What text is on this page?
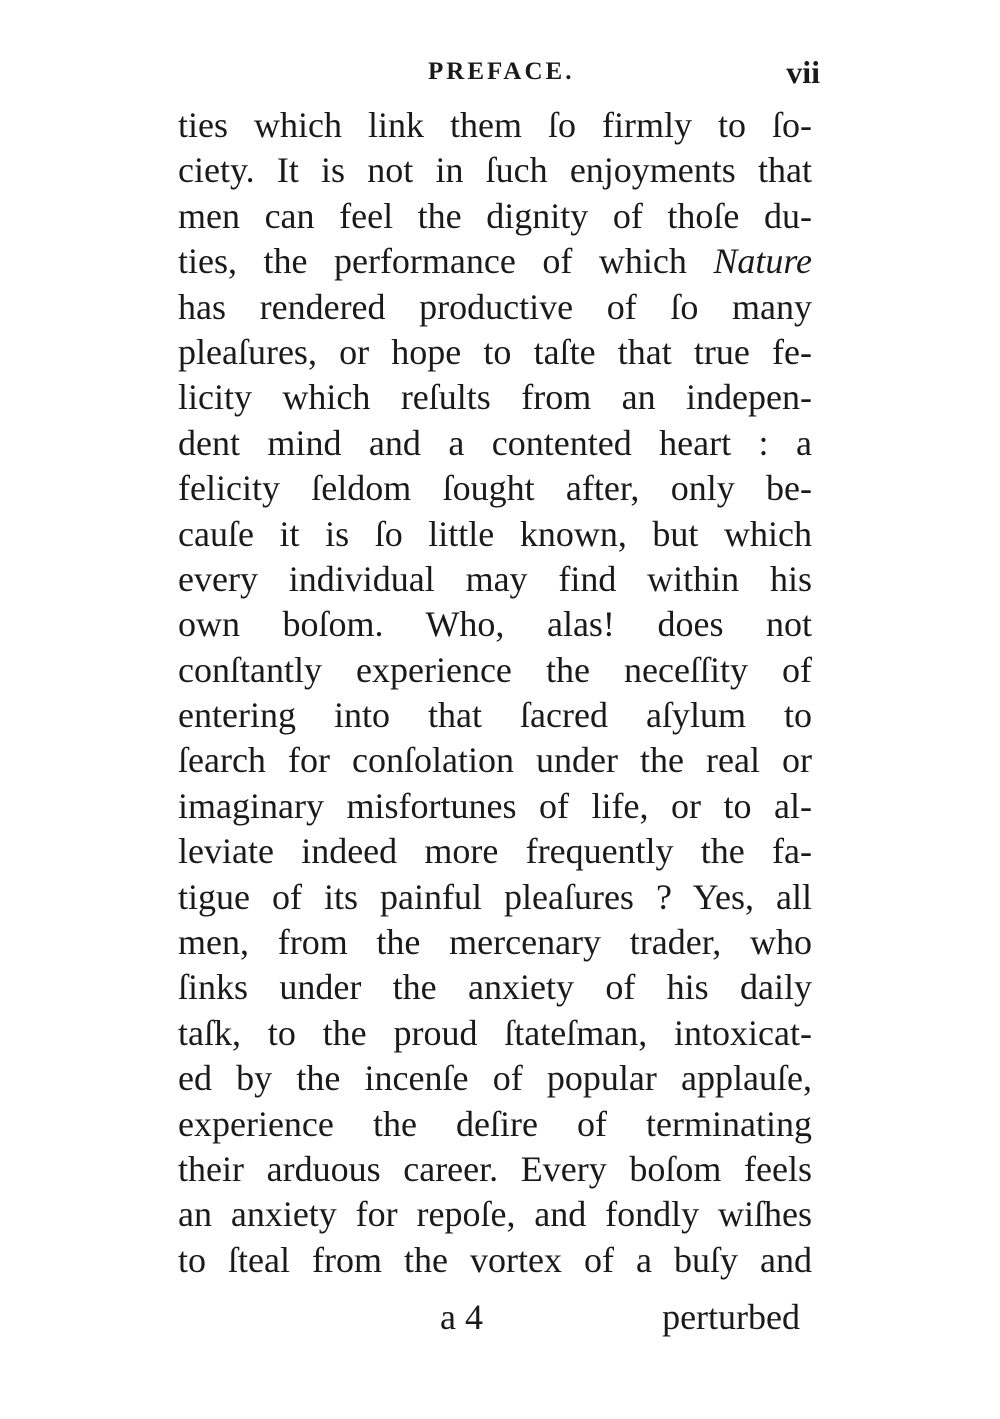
PREFACE.	vii
ties which link them ſo firmly to ſo-
ciety. It is not in ſuch enjoyments that
men can feel the dignity of thoſe du-
ties, the performance of which Nature
has rendered productive of ſo many
pleaſures, or hope to taſte that true fe-
licity which reſults from an indepen-
dent mind and a contented heart : a
felicity ſeldom ſought after, only be-
cauſe it is ſo little known, but which
every individual may find within his
own boſom. Who, alas! does not
conſtantly experience the neceſſity of
entering into that ſacred aſylum to
ſearch for conſolation under the real or
imaginary misfortunes of life, or to al-
leviate indeed more frequently the fa-
tigue of its painful pleaſures ? Yes, all
men, from the mercenary trader, who
ſinks under the anxiety of his daily
taſk, to the proud ſtateſman, intoxicat-
ed by the incenſe of popular applauſe,
experience the deſire of terminating
their arduous career. Every boſom feels
an anxiety for repoſe, and fondly wiſhes
to ſteal from the vortex of a buſy and
a 4	perturbed
